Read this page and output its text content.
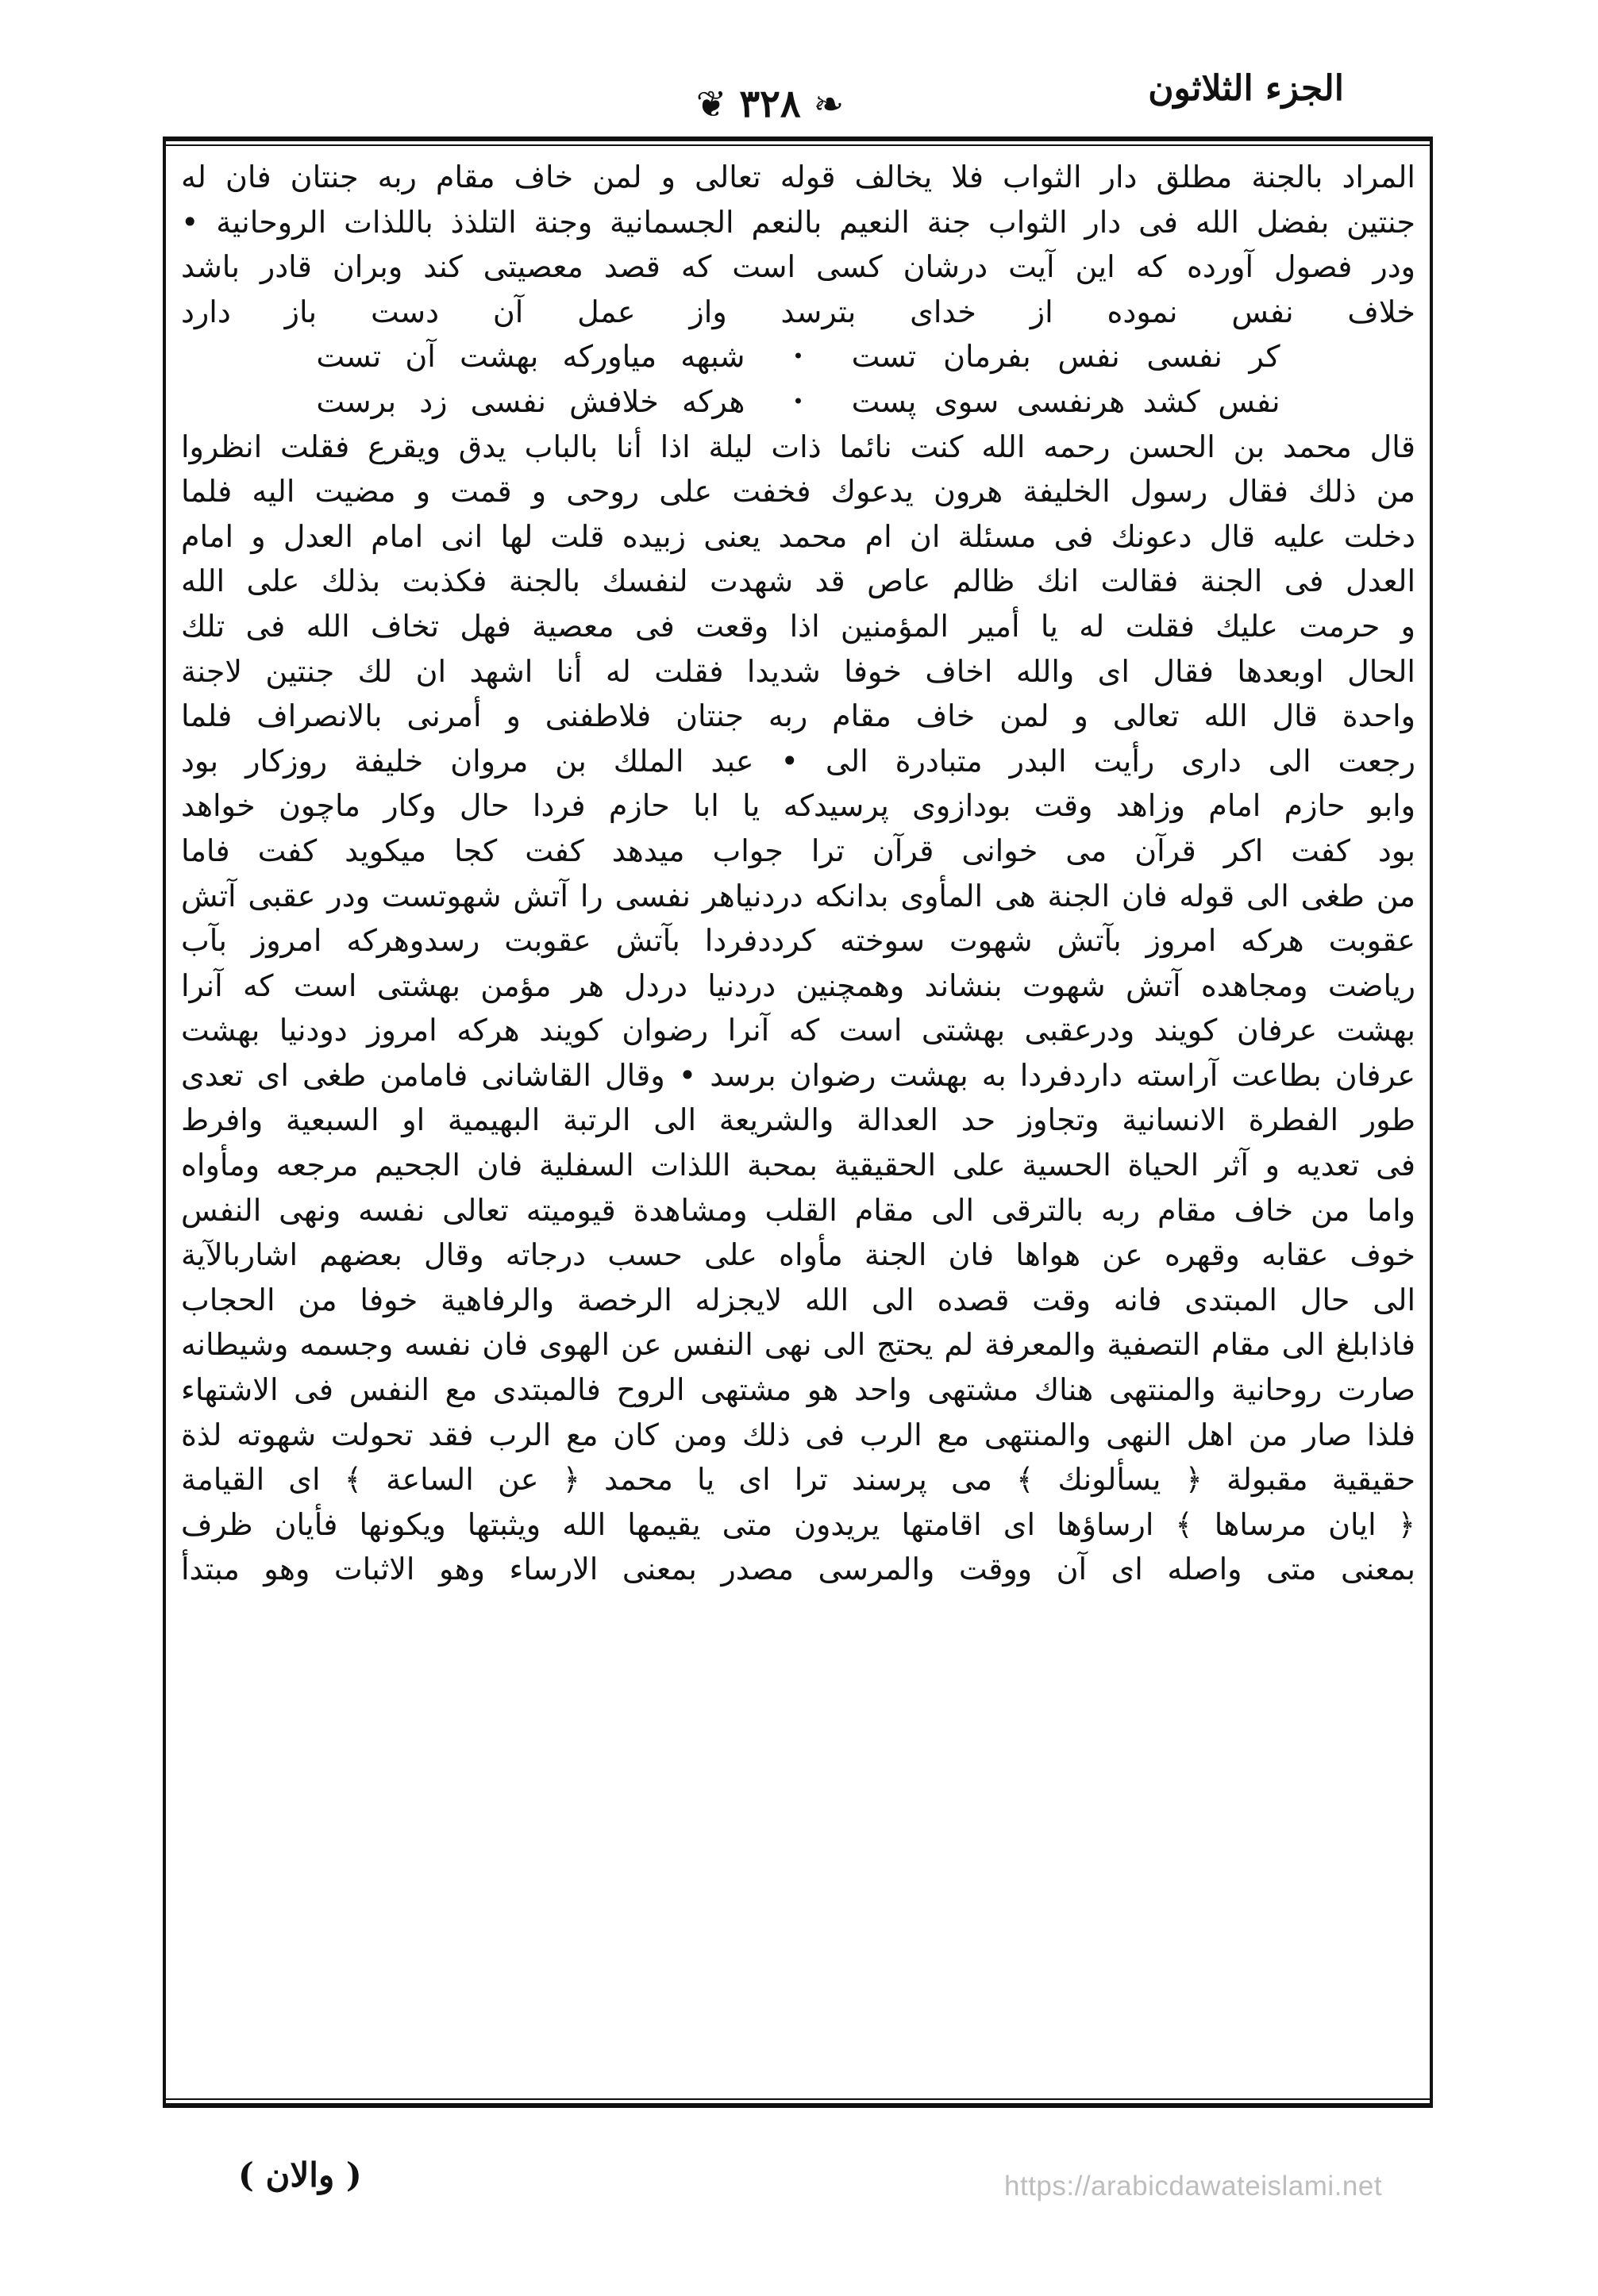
الجزء الثلاثون
❦ ٣٢٨ ❧
المراد بالجنة مطلق دار الثواب فلا يخالف قوله تعالى و لمن خاف مقام ربه جنتان فان له
جنتين بفضل الله فى دار الثواب جنة النعيم بالنعم الجسمانية وجنة التلذذ باللذات الروحانية •
ودر فصول آورده كه اين آيت درشان كسى است كه قصد معصيتى كند وبران قادر باشد
خلاف نفس نموده از خداى بترسد واز عمل آن دست باز دارد
كر نفسى نفس بفرمان تست
•
شبهه مياوركه بهشت آن تست
نفس كشد هرنفسى سوى پست
•
هركه خلافش نفسى زد برست
قال محمد بن الحسن رحمه الله كنت نائما ذات ليلة اذا أنا بالباب يدق ويقرع فقلت انظروا
من ذلك فقال رسول الخليفة هرون يدعوك فخفت على روحى و قمت و مضيت اليه فلما
دخلت عليه قال دعونك فى مسئلة ان ام محمد يعنى زبيده قلت لها انى امام العدل و امام
العدل فى الجنة فقالت انك ظالم عاص قد شهدت لنفسك بالجنة فكذبت بذلك على الله
و حرمت عليك فقلت له يا أمير المؤمنين اذا وقعت فى معصية فهل تخاف الله فى تلك
الحال اوبعدها فقال اى والله اخاف خوفا شديدا فقلت له أنا اشهد ان لك جنتين لاجنة
واحدة قال الله تعالى و لمن خاف مقام ربه جنتان فلاطفنى و أمرنى بالانصراف فلما
رجعت الى دارى رأيت البدر متبادرة الى • عبد الملك بن مروان خليفة روزكار بود
وابو حازم امام وزاهد وقت بودازوى پرسيدكه يا ابا حازم فردا حال وكار ماچون خواهد
بود كفت اكر قرآن مى خوانى قرآن ترا جواب ميدهد كفت كجا ميكويد كفت فاما
من طغى الى قوله فان الجنة هى المأوى بدانكه دردنياهر نفسى را آتش شهوتست ودر عقبى آتش
عقوبت هركه امروز بآتش شهوت سوخته كرددفردا بآتش عقوبت رسدوهركه امروز بآب
رياضت ومجاهده آتش شهوت بنشاند وهمچنين دردنيا دردل هر مؤمن بهشتى است كه آنرا
بهشت عرفان كويند ودرعقبى بهشتى است كه آنرا رضوان كويند هركه امروز دودنيا بهشت
عرفان بطاعت آراسته داردفردا به بهشت رضوان برسد • وقال القاشانى فامامن طغى اى تعدى
طور الفطرة الانسانية وتجاوز حد العدالة والشريعة الى الرتبة البهيمية او السبعية وافرط
فى تعديه و آثر الحياة الحسية على الحقيقية بمحبة اللذات السفلية فان الجحيم مرجعه ومأواه
واما من خاف مقام ربه بالترقى الى مقام القلب ومشاهدة قيوميته تعالى نفسه ونهى النفس
خوف عقابه وقهره عن هواها فان الجنة مأواه على حسب درجاته وقال بعضهم اشاربالآية
الى حال المبتدى فانه وقت قصده الى الله لايجزله الرخصة والرفاهية خوفا من الحجاب
فاذابلغ الى مقام التصفية والمعرفة لم يحتج الى نهى النفس عن الهوى فان نفسه وجسمه وشيطانه
صارت روحانية والمنتهى هناك مشتهى واحد هو مشتهى الروح فالمبتدى مع النفس فى الاشتهاء
فلذا صار من اهل النهى والمنتهى مع الرب فى ذلك ومن كان مع الرب فقد تحولت شهوته لذة
حقيقية مقبولة ﴿ يسألونك ﴾ مى پرسند ترا اى يا محمد ﴿ عن الساعة ﴾ اى القيامة
﴿ ايان مرساها ﴾ ارساؤها اى اقامتها يريدون متى يقيمها الله ويثبتها ويكونها فأيان ظرف
بمعنى متى واصله اى آن ووقت والمرسى مصدر بمعنى الارساء وهو الاثبات وهو مبتدأ
( والان )	https://arabicdawateislami.net
